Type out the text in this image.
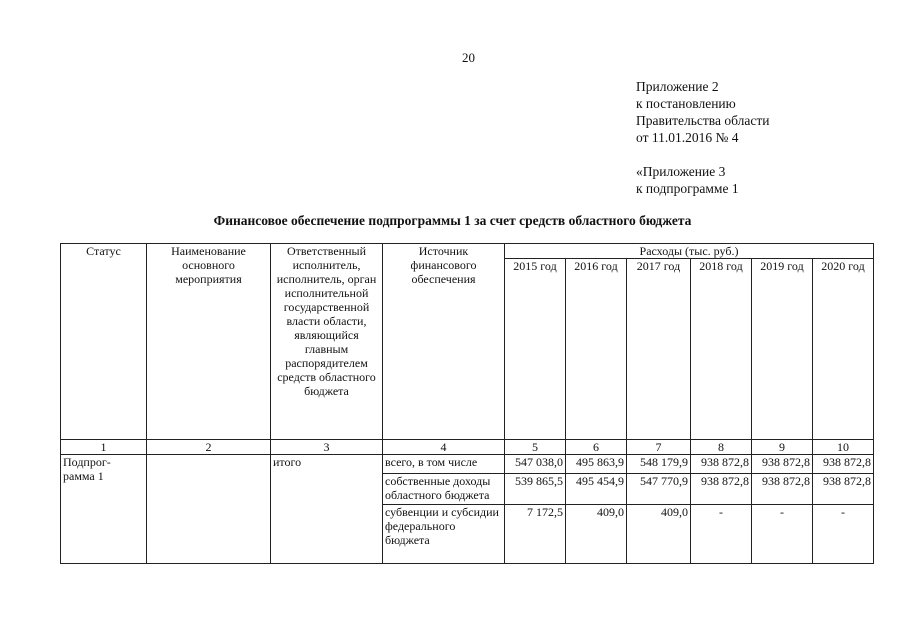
20
Приложение 2
к постановлению
Правительства области
от 11.01.2016 № 4
«Приложение 3
к подпрограмме 1
Финансовое обеспечение подпрограммы 1 за счет средств областного бюджета
Статус	Наименование основного мероприятия	Ответственный исполнитель, исполнитель, орган исполнительной государственной власти области, являющийся главным распорядителем средств областного бюджета	Источник финансового обеспечения	Расходы (тыс. руб.)					
				2015 год	2016 год	2017 год	2018 год	2019 год	2020 год
1	2	3	4	5	6	7	8	9	10
Подпрог-рамма 1		итого	всего, в том числе	547 038,0	495 863,9	548 179,9	938 872,8	938 872,8	938 872,8
			собственные доходы областного бюджета	539 865,5	495 454,9	547 770,9	938 872,8	938 872,8	938 872,8
			субвенции и субсидии федерального бюджета	7 172,5	409,0	409,0	-	-	-
